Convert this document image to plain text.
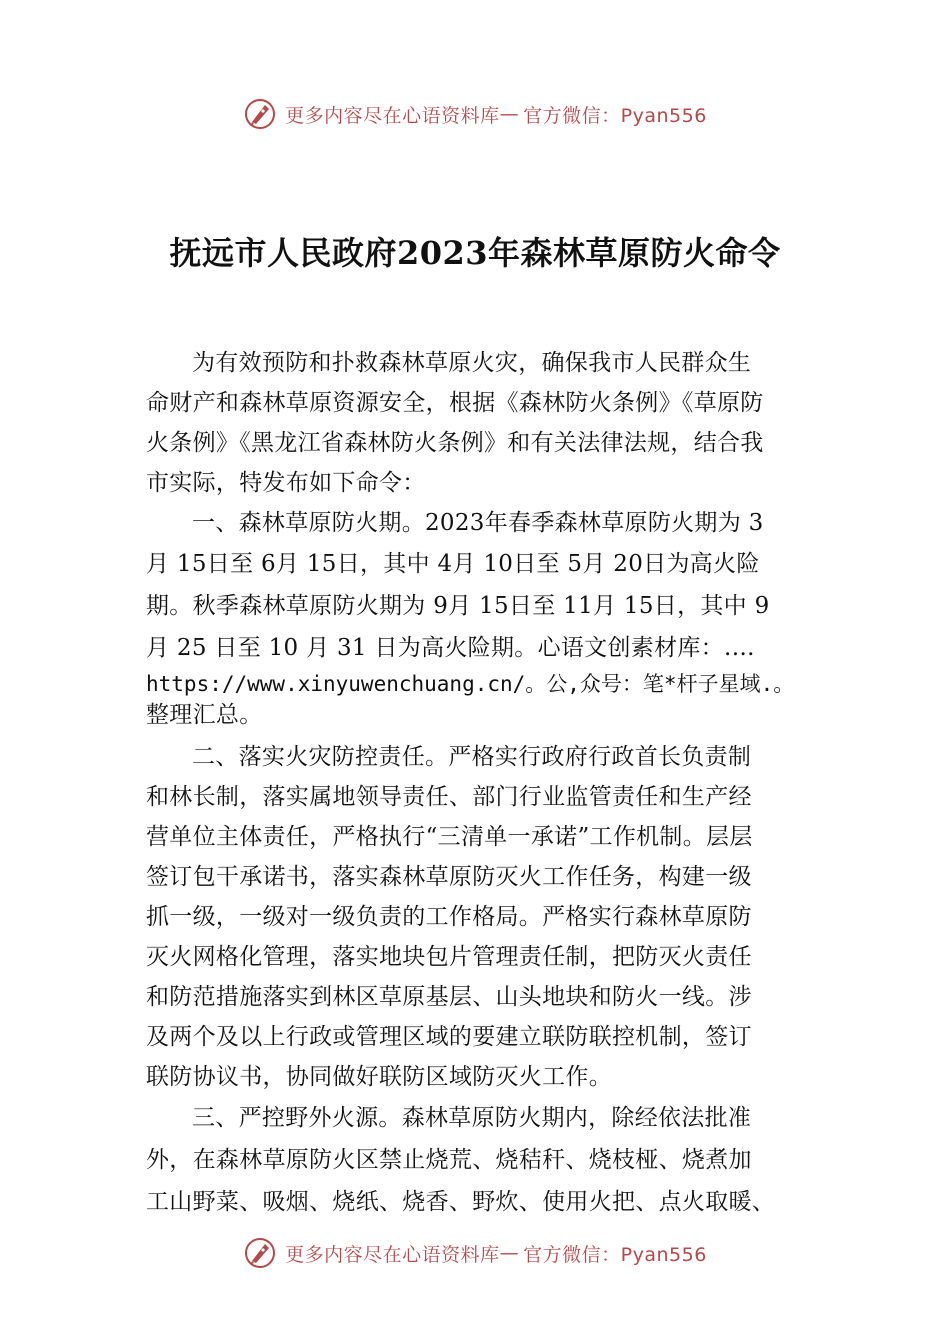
更多内容尽在心语资料库 — 官方微信：Pyan556
抚远市人民政府2023年森林草原防火命令
为有效预防和扑救森林草原火灾，确保我市人民群众生
命财产和森林草原资源安全，根据《森林防火条例》《草原防
火条例》《黑龙江省森林防火条例》和有关法律法规，结合我
市实际，特发布如下命令：
一、森林草原防火期。2023年春季森林草原防火期为 3
月 15日至 6月 15日，其中 4月 10日至 5月 20日为高火险
期。秋季森林草原防火期为 9月 15日至 11月 15日，其中 9
月 25 日至 10 月 31 日为高火险期。心语文创素材库：.…
https://www.xinyuwenchuang.cn/。公,众号：笔*杆子星域.。
整理汇总。
二、落实火灾防控责任。严格实行政府行政首长负责制
和林长制，落实属地领导责任、部门行业监管责任和生产经
营单位主体责任，严格执行“三清单一承诺”工作机制。层层
签订包干承诺书，落实森林草原防灭火工作任务，构建一级
抓一级，一级对一级负责的工作格局。严格实行森林草原防
灭火网格化管理，落实地块包片管理责任制，把防灭火责任
和防范措施落实到林区草原基层、山头地块和防火一线。涉
及两个及以上行政或管理区域的要建立联防联控机制，签订
联防协议书，协同做好联防区域防灭火工作。
三、严控野外火源。森林草原防火期内，除经依法批准
外，在森林草原防火区禁止烧荒、烧秸秆、烧枝桠、烧煮加
工山野菜、吸烟、烧纸、烧香、野炊、使用火把、点火取暖、
更多内容尽在心语资料库 — 官方微信：Pyan556
